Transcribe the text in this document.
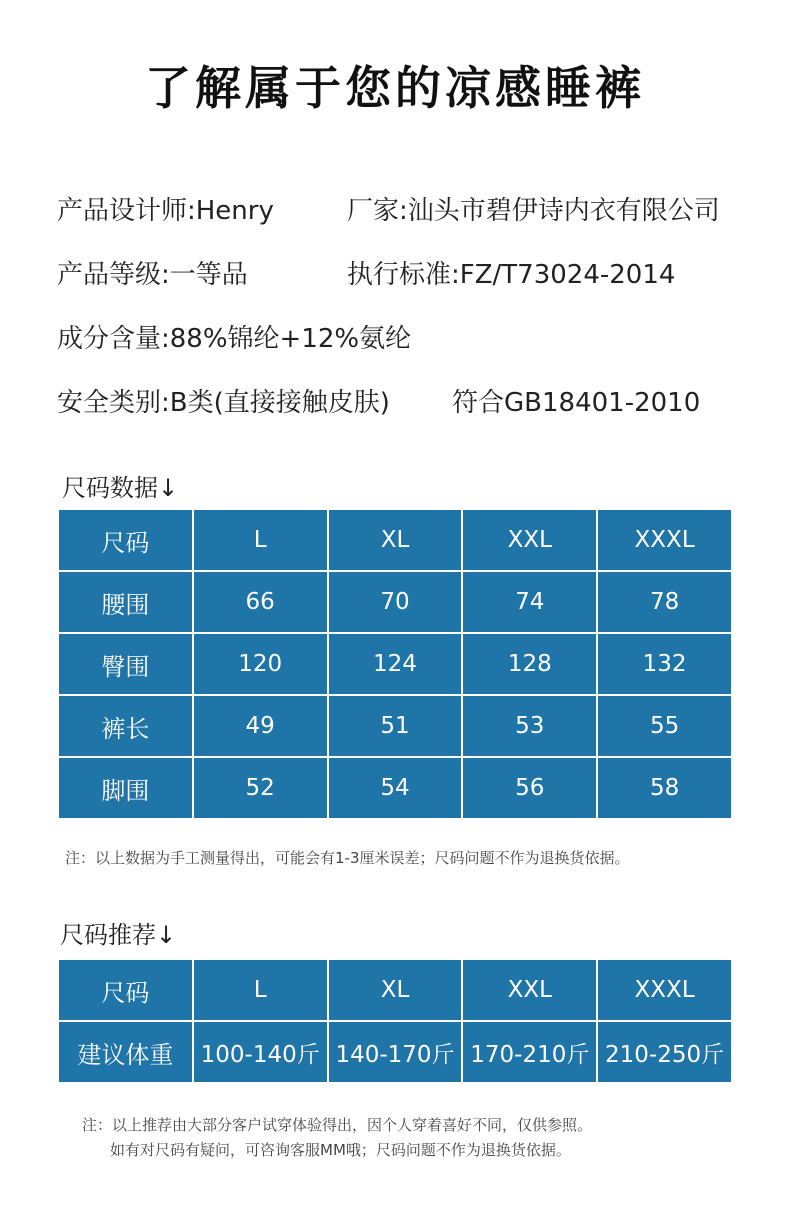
了解属于您的凉感睡裤
产品设计师:Henry	厂家:汕头市碧伊诗内衣有限公司
产品等级:一等品	执行标准:FZ/T73024-2014
成分含量:88%锦纶+12%氨纶
安全类别:B类(直接接触皮肤) 符合GB18401-2010
尺码数据↓
尺码	L	XL	XXL	XXXL
腰围	66	70	74	78
臀围	120	124	128	132
裤长	49	51	53	55
脚围	52	54	56	58
注：以上数据为手工测量得出，可能会有1-3厘米误差；尺码问题不作为退换货依据。
尺码推荐↓
尺码	L	XL	XXL	XXXL
建议体重	100-140斤	140-170斤	170-210斤	210-250斤
注：以上推荐由大部分客户试穿体验得出，因个人穿着喜好不同，仅供参照。
如有对尺码有疑问，可咨询客服MM哦；尺码问题不作为退换货依据。
